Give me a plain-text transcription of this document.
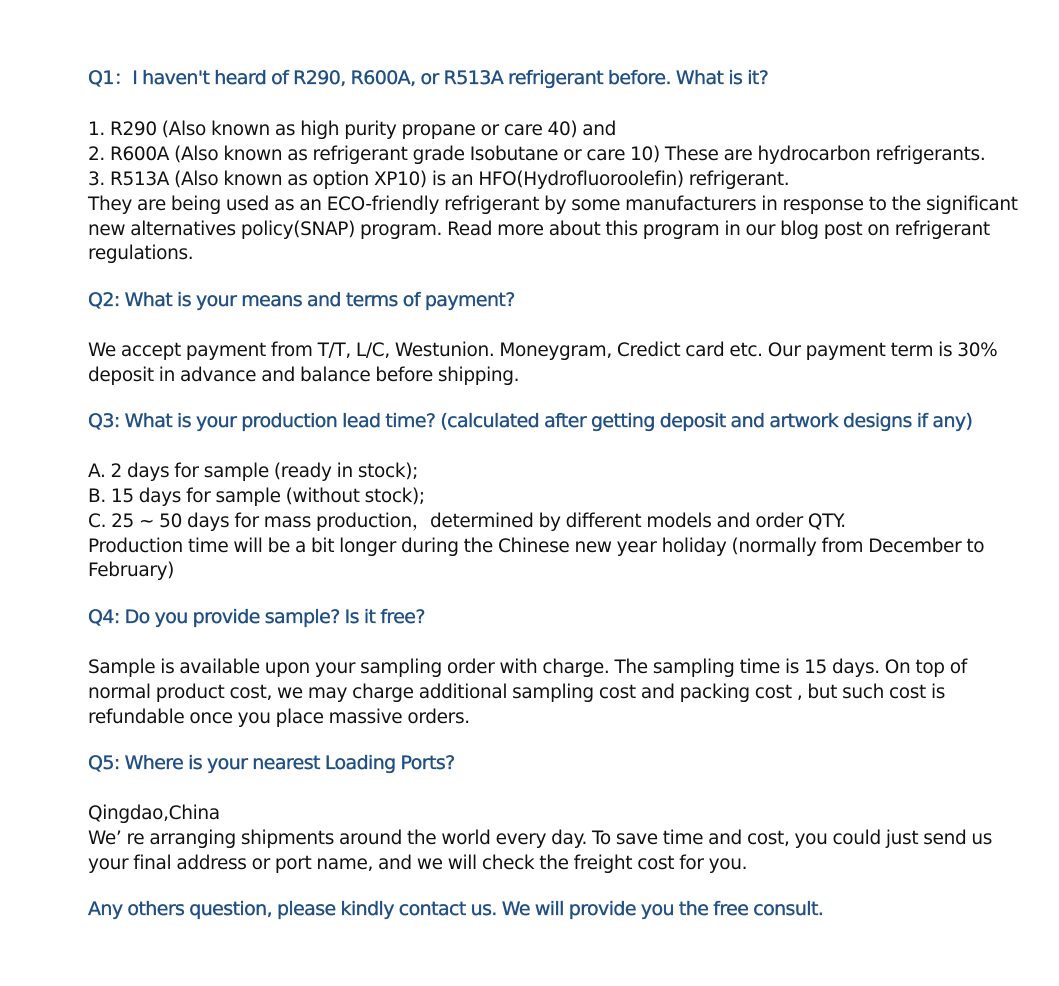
Q1：I haven't heard of R290, R600A, or R513A refrigerant before. What is it?
1. R290 (Also known as high purity propane or care 40) and
2. R600A (Also known as refrigerant grade Isobutane or care 10) These are hydrocarbon refrigerants.
3. R513A (Also known as option XP10) is an HFO(Hydrofluoroolefin) refrigerant.
They are being used as an ECO-friendly refrigerant by some manufacturers in response to the significant
new alternatives policy(SNAP) program. Read more about this program in our blog post on refrigerant
regulations.
Q2: What is your means and terms of payment?
We accept payment from T/T, L/C, Westunion. Moneygram, Credict card etc. Our payment term is 30%
deposit in advance and balance before shipping.
Q3: What is your production lead time? (calculated after getting deposit and artwork designs if any)
A. 2 days for sample (ready in stock);
B. 15 days for sample (without stock);
C. 25 ~ 50 days for mass production，determined by different models and order QTY.
Production time will be a bit longer during the Chinese new year holiday (normally from December to
February)
Q4: Do you provide sample? Is it free?
Sample is available upon your sampling order with charge. The sampling time is 15 days. On top of
normal product cost, we may charge additional sampling cost and packing cost , but such cost is
refundable once you place massive orders.
Q5: Where is your nearest Loading Ports?
Qingdao,China
We’ re arranging shipments around the world every day. To save time and cost, you could just send us
your final address or port name, and we will check the freight cost for you.
Any others question, please kindly contact us. We will provide you the free consult.
